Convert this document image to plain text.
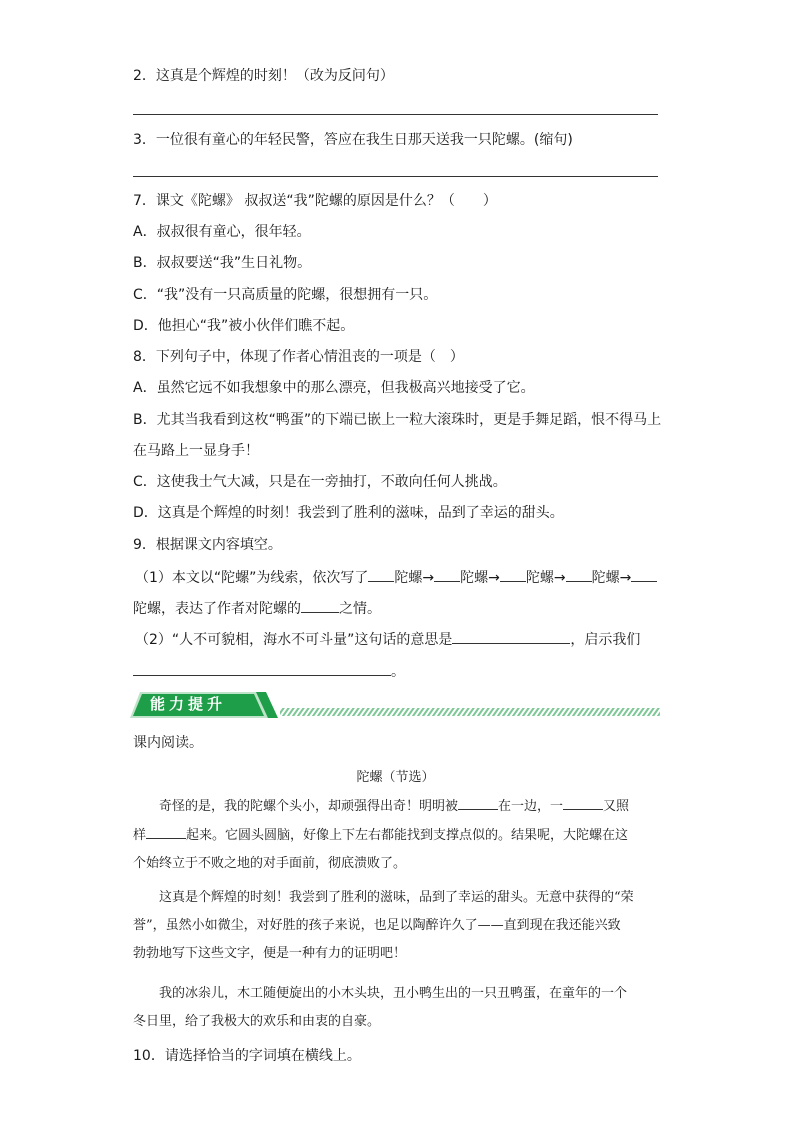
2．这真是个辉煌的时刻！（改为反问句）
3．一位很有童心的年轻民警，答应在我生日那天送我一只陀螺。(缩句)
7．课文《陀螺》 叔叔送“我”陀螺的原因是什么？（　　）
A．叔叔很有童心，很年轻。
B．叔叔要送“我”生日礼物。
C．“我”没有一只高质量的陀螺，很想拥有一只。
D．他担心“我”被小伙伴们瞧不起。
8．下列句子中，体现了作者心情沮丧的一项是（　）
A．虽然它远不如我想象中的那么漂亮，但我极高兴地接受了它。
B．尤其当我看到这枚“鸭蛋”的下端已嵌上一粒大滚珠时，更是手舞足蹈，恨不得马上
在马路上一显身手！
C．这使我士气大减，只是在一旁抽打，不敢向任何人挑战。
D．这真是个辉煌的时刻！我尝到了胜利的滋味，品到了幸运的甜头。
9．根据课文内容填空。
（1）本文以“陀螺”为线索，依次写了 陀螺→ 陀螺→ 陀螺→ 陀螺→
陀螺，表达了作者对陀螺的	之情。
（2）“人不可貌相，海水不可斗量”这句话的意思是	，启示我们
。
能力提升
课内阅读。
陀螺（节选）
奇怪的是，我的陀螺个头小，却顽强得出奇！明明被	在一边，一	又照
样	起来。它圆头圆脑，好像上下左右都能找到支撑点似的。结果呢，大陀螺在这
个始终立于不败之地的对手面前，彻底溃败了。
这真是个辉煌的时刻！我尝到了胜利的滋味，品到了幸运的甜头。无意中获得的“荣
誉”，虽然小如微尘，对好胜的孩子来说，也足以陶醉许久了——直到现在我还能兴致
勃勃地写下这些文字，便是一种有力的证明吧！
我的冰尜儿，木工随便旋出的小木头块，丑小鸭生出的一只丑鸭蛋，在童年的一个
冬日里，给了我极大的欢乐和由衷的自豪。
10．请选择恰当的字词填在横线上。
